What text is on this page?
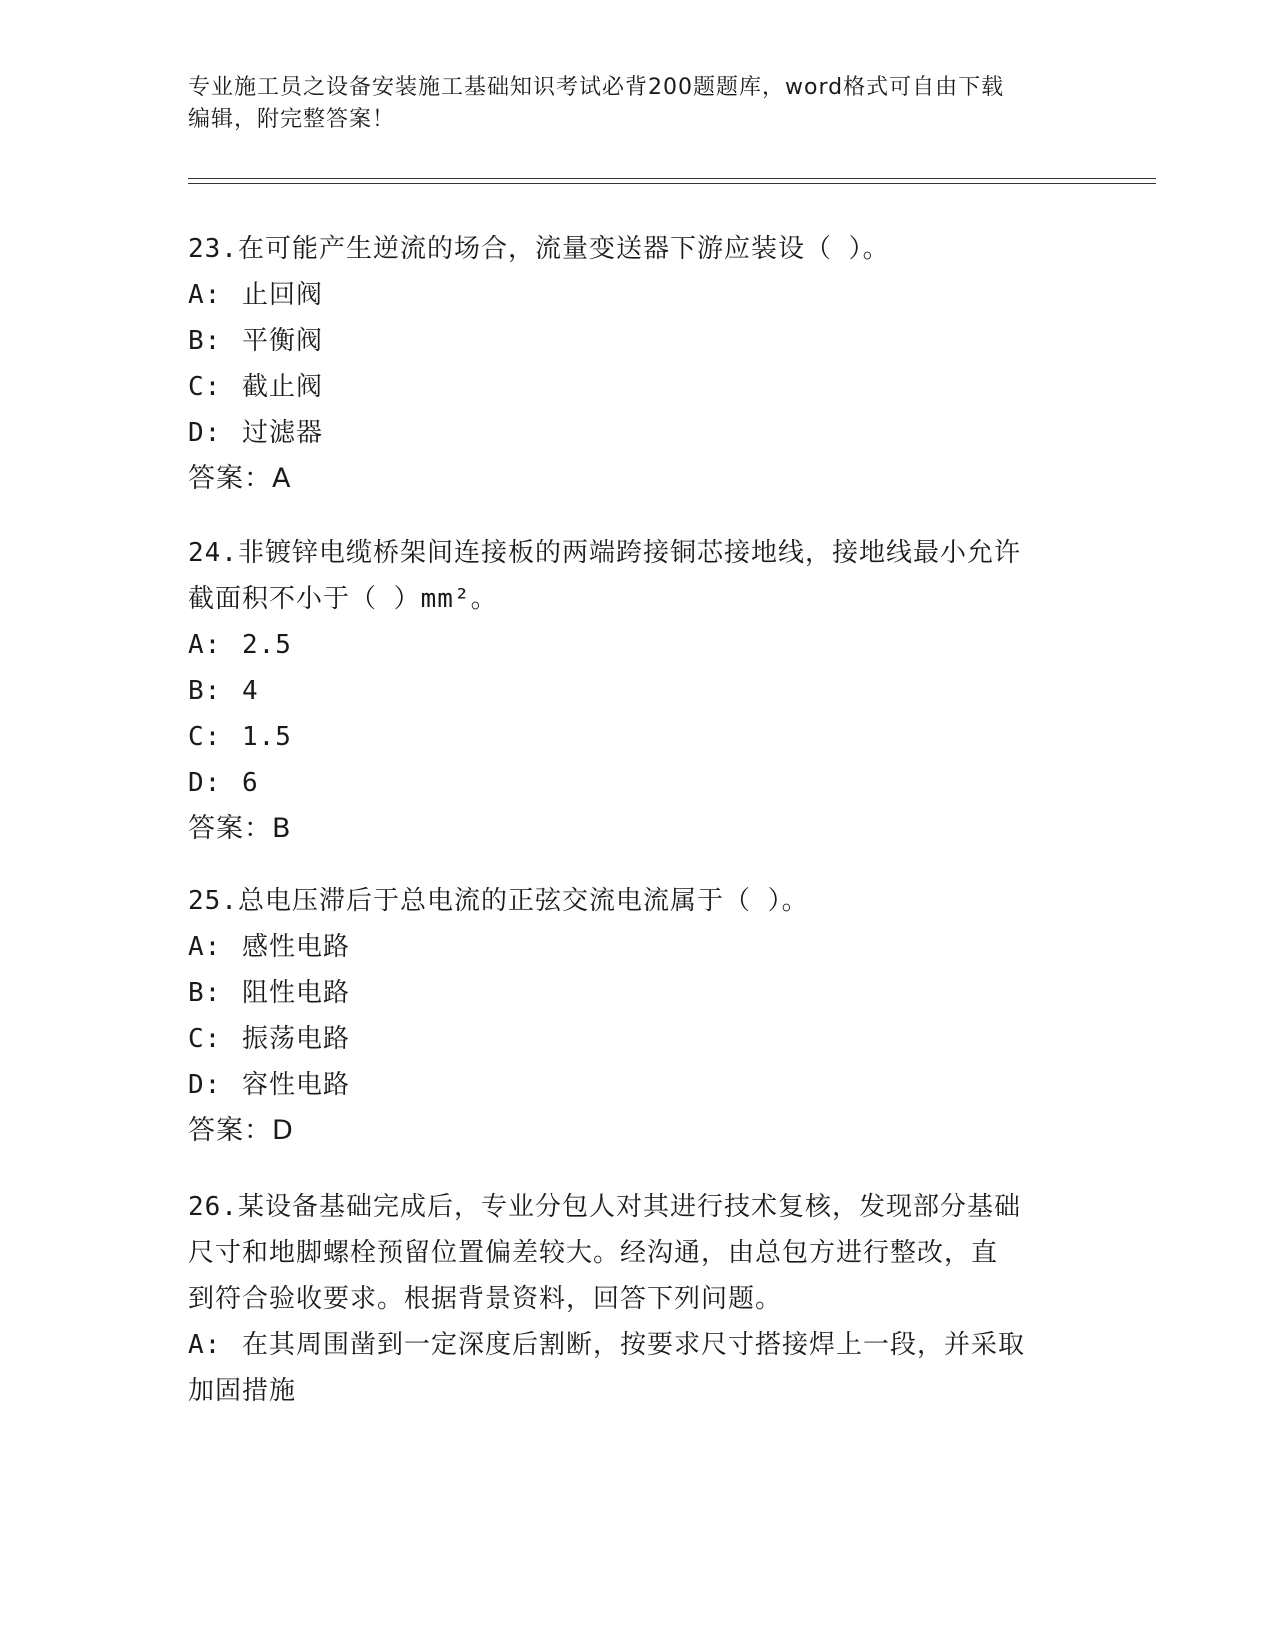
专业施工员之设备安装施工基础知识考试必背200题题库，word格式可自由下载
编辑，附完整答案！
23.在可能产生逆流的场合，流量变送器下游应装设（ ）。
A: 止回阀
B: 平衡阀
C: 截止阀
D: 过滤器
答案：A
24.非镀锌电缆桥架间连接板的两端跨接铜芯接地线，接地线最小允许
截面积不小于（ ）mm²。
A: 2.5
B: 4
C: 1.5
D: 6
答案：B
25.总电压滞后于总电流的正弦交流电流属于（ ）。
A: 感性电路
B: 阻性电路
C: 振荡电路
D: 容性电路
答案：D
26.某设备基础完成后，专业分包人对其进行技术复核，发现部分基础
尺寸和地脚螺栓预留位置偏差较大。经沟通，由总包方进行整改，直
到符合验收要求。根据背景资料，回答下列问题。
A: 在其周围凿到一定深度后割断，按要求尺寸搭接焊上一段，并采取
加固措施
